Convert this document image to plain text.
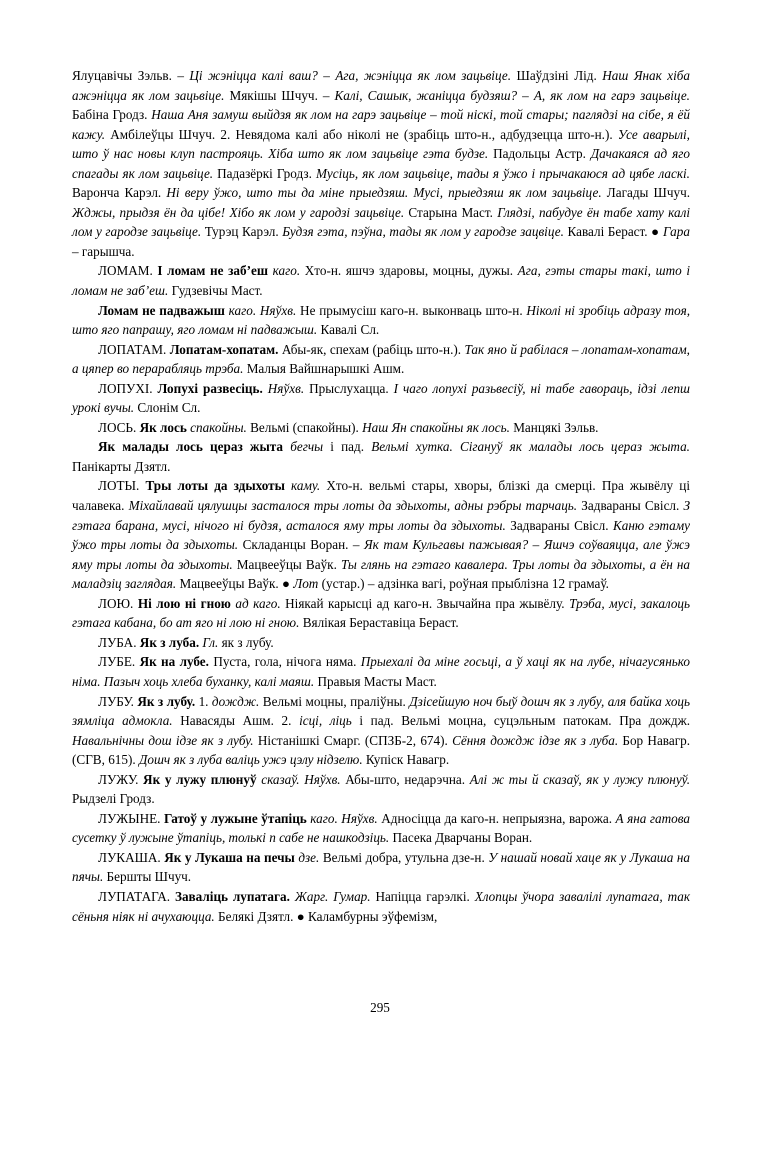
Ялуцавічы Зэльв. – Ці жэніцца калі ваш? – Ага, жэніцца як лом зацьвіце. Шаўдзіні Лід. Наш Янак хіба ажэніцца як лом зацьвіце. Мякішы Шчуч. – Калі, Сашык, жаніцца будзяш? – А, як лом на гарэ зацьвіце. Бабіна Гродз. Наша Аня замуш выйдзя як лом на гарэ зацьвіце – той ніскі, той стары; паглядзі на сібе, я ёй кажу. Амбілеўцы Шчуч. 2. Невядома калі або ніколі не (зрабіць што-н., адбудзецца што-н.). Усе аварылі, што ў нас новы клуп пастрояць. Хіба што як лом зацьвіце гэта будзе. Падольцы Астр. Дачакаяся ад яго спагады як лом зацьвіце. Падазёркі Гродз. Мусіць, як лом зацьвіце, тады я ўжо і прычакаюся ад цябе ласкі. Варонча Карэл. Ні веру ўжо, што ты да міне прыедзяш. Мусі, прыедзяш як лом зацьвіце. Лагады Шчуч. Жджы, прыдзя ён да цібе! Хібо як лом у гародзі зацьвіце. Старына Маст. Глядзі, пабудуе ён табе хату калі лом у гародзе зацьвіце. Турэц Карэл. Будзя гэта, пэўна, тады як лом у гародзе зацвіце. Кавалі Бераст. ● Гара – гарышча.

ЛОМАМ. І ломам не заб’еш каго. Хто-н. яшчэ здаровы, моцны, дужы. Ага, гэты стары такі, што і ломам не заб’еш. Гудзевічы Маст.

Ломам не падважыш каго. Няўхв. Не прымусіш каго-н. выконваць што-н. Ніколі ні зробіць адразу тоя, што яго папрашу, яго ломам ні падважыш. Кавалі Сл.

ЛОПАТАМ. Лопатам-хопатам. Абы-як, спехам (рабіць што-н.). Так яно й рабілася – лопатам-хопатам, а цяпер во перарабляць трэба. Малыя Вайшнарышкі Ашм.

ЛОПУХІ. Лопухі развесіць. Няўхв. Прыслухацца. І чаго лопухі разьвесіў, ні табе гавораць, ідзі лепш урокі вучы. Слонім Сл.

ЛОСЬ. Як лось спакойны. Вельмі (спакойны). Наш Ян спакойны як лось. Манцякі Зэльв.

Як малады лось цераз жыта бегчы і пад. Вельмі хутка. Сігануў як малады лось цераз жыта. Панікарты Дзятл.

ЛОТЫ. Тры лоты да здыхоты каму. Хто-н. вельмі стары, хворы, блізкі да смерці. Пра жывёлу ці чалавека. Міхайлавай цялушцы засталося тры лоты да здыхоты, адны рэбры тарчаць. Задвараны Свісл. З гэтага барана, мусі, нічого ні будзя, асталося яму тры лоты да здыхоты. Задвараны Свісл. Каню гэтаму ўжо тры лоты да здыхоты. Складанцы Воран. – Як там Кульгавы пажывая? – Яшчэ соўваяцца, але ўжэ яму тры лоты да здыхоты. Мацвееўцы Ваўк. Ты глянь на гэтаго кавалера. Тры лоты да здыхоты, а ён на маладзіц заглядая. Мацвееўцы Ваўк. ● Лот (устар.) – адзінка вагі, роўная прыблізна 12 грамаў.

ЛОЮ. Ні лою ні гною ад каго. Ніякай карысці ад каго-н. Звычайна пра жывёлу. Трэба, мусі, закалоць гэтага кабана, бо ат яго ні лою ні гною. Вялікая Бераставіца Бераст.

ЛУБА. Як з луба. Гл. як з лубу.

ЛУБЕ. Як на лубе. Пуста, гола, нічога няма. Прыехалі да міне госьці, а ў хаці як на лубе, нічагусянько німа. Пазыч хоць хлеба буханку, калі маяш. Правыя Масты Маст.

ЛУБУ. Як з лубу. 1. дождж. Вельмі моцны, праліўны. Дзісейшую ноч быў дошч як з лубу, аля байка хоць зямліца адмокла. Навасяды Ашм. 2. ісці, ліць і пад. Вельмі моцна, суцэльным патокам. Пра дождж. Навальнічны дош ідзе як з лубу. Ністанішкі Смарг. (СПЗБ-2, 674). Сёння дождж ідзе як з луба. Бор Навагр. (СГВ, 615). Дошч як з луба валіць ужэ цэлу нідзелю. Купіск Навагр.

ЛУЖУ. Як у лужу плюнуў сказаў. Няўхв. Абы-што, недарэчна. Алі ж ты й сказаў, як у лужу плюнуў. Рыдзелі Гродз.

ЛУЖЫНЕ. Гатоў у лужыне ўтапіць каго. Няўхв. Адносіцца да каго-н. непрыязна, варожа. А яна гатова сусетку ў лужыне ўтапіць, толькі п сабе не нашкодзіць. Пасека Дварчаны Воран.

ЛУКАША. Як у Лукаша на печы дзе. Вельмі добра, утульна дзе-н. У нашай новай хаце як у Лукаша на пячы. Бершты Шчуч.

ЛУПАТАГА. Заваліць лупатага. Жарг. Гумар. Напіцца гарэлкі. Хлопцы ўчора завалілі лупатага, так сёньня ніяк ні ачухаюцца. Белякі Дзятл. ● Каламбурны эўфемізм,

295
